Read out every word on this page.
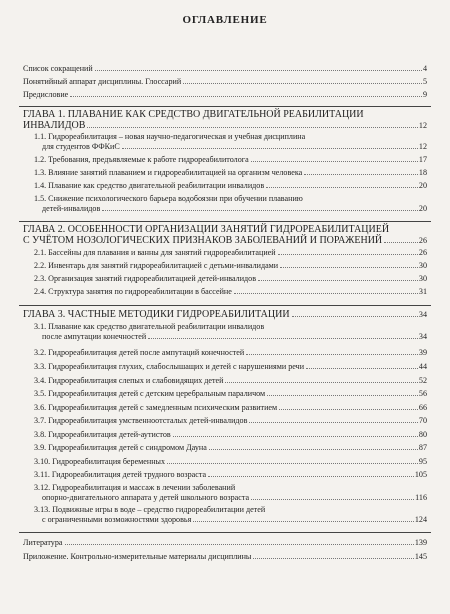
ОГЛАВЛЕНИЕ
Список сокращений	4
Понятийный аппарат дисциплины. Глоссарий	5
Предисловие	9
ГЛАВА 1. ПЛАВАНИЕ КАК СРЕДСТВО ДВИГАТЕЛЬНОЙ РЕАБИЛИТАЦИИ
ИНВАЛИДОВ	12
1.1. Гидрореабилитация – новая научно-педагогическая и учебная дисциплина
для студентов ФФКиС	12
1.2. Требования, предъявляемые к работе гидрореабилитолога	17
1.3. Влияние занятий плаванием и гидрореабилитацией на организм человека	18
1.4. Плавание как средство двигательной реабилитации инвалидов	20
1.5. Снижение психологического барьера водобоязни при обучении плаванию
детей-инвалидов	20
ГЛАВА 2. ОСОБЕННОСТИ ОРГАНИЗАЦИИ ЗАНЯТИЙ ГИДРОРЕАБИЛИТАЦИЕЙ
С УЧЁТОМ НОЗОЛОГИЧЕСКИХ ПРИЗНАКОВ ЗАБОЛЕВАНИЙ И ПОРАЖЕНИЙ	26
2.1. Бассейны для плавания и ванны для занятий гидрореабилитацией	26
2.2. Инвентарь для занятий гидрореабилитацией с детьми-инвалидами	30
2.3. Организация занятий гидрореабилитацией детей-инвалидов	30
2.4. Структура занятия по гидрореабилитации в бассейне	31
ГЛАВА 3. ЧАСТНЫЕ МЕТОДИКИ ГИДРОРЕАБИЛИТАЦИИ	34
3.1. Плавание как средство двигательной реабилитации инвалидов
после ампутации конечностей	34
3.2. Гидрореабилитация детей после ампутаций конечностей	39
3.3. Гидрореабилитация глухих, слабослышащих и детей с нарушениями речи	44
3.4. Гидрореабилитация слепых и слабовидящих детей	52
3.5. Гидрореабилитация детей с детским церебральным параличом	56
3.6. Гидрореабилитация детей с замедленным психическим развитием	66
3.7. Гидрореабилитация умственноотсталых детей-инвалидов	70
3.8. Гидрореабилитация детей-аутистов	80
3.9. Гидрореабилитация детей с синдромом Дауна	87
3.10. Гидрореабилитация беременных	95
3.11. Гидрореабилитация детей трудного возраста	105
3.12. Гидрореабилитация и массаж в лечении заболеваний
опорно-двигательного аппарата у детей школьного возраста	116
3.13. Подвижные игры в воде – средство гидрореабилитации детей
с ограниченными возможностями здоровья	124
Литература	139
Приложение. Контрольно-измерительные материалы дисциплины	145
